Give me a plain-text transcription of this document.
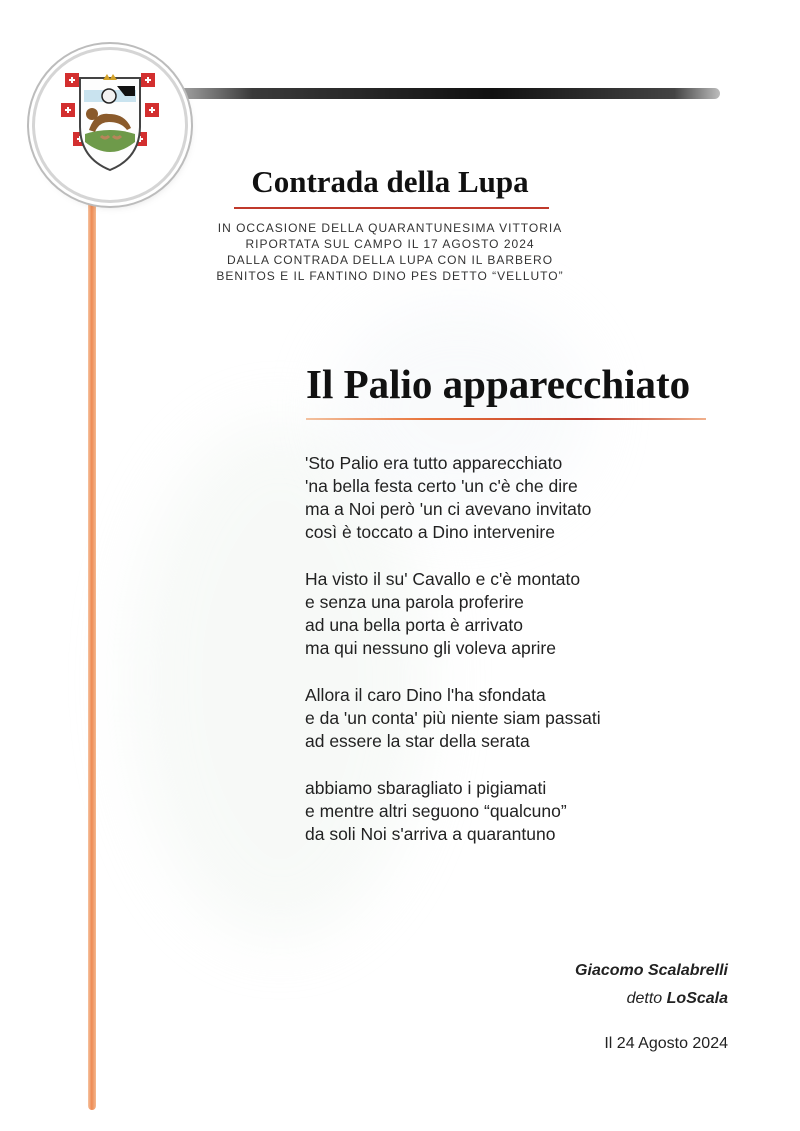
Contrada della Lupa
IN OCCASIONE DELLA QUARANTUNESIMA VITTORIA
RIPORTATA SUL CAMPO IL 17 AGOSTO 2024
DALLA CONTRADA DELLA LUPA CON IL BARBERO
BENITOS E IL FANTINO DINO PES DETTO “VELLUTO”
Il Palio apparecchiato
'Sto Palio era tutto apparecchiato
'na bella festa certo 'un c'è che dire
ma a Noi però 'un ci avevano invitato
così è toccato a Dino intervenire
Ha visto il su' Cavallo e c'è montato
e senza una parola proferire
ad una bella porta è arrivato
ma qui nessuno gli voleva aprire
Allora il caro Dino l'ha sfondata
e da 'un conta' più niente siam passati
ad essere la star della serata
abbiamo sbaragliato i pigiamati
e mentre altri seguono “qualcuno”
da soli Noi s'arriva a quarantuno
Giacomo Scalabrelli
detto LoScala
Il 24 Agosto 2024
